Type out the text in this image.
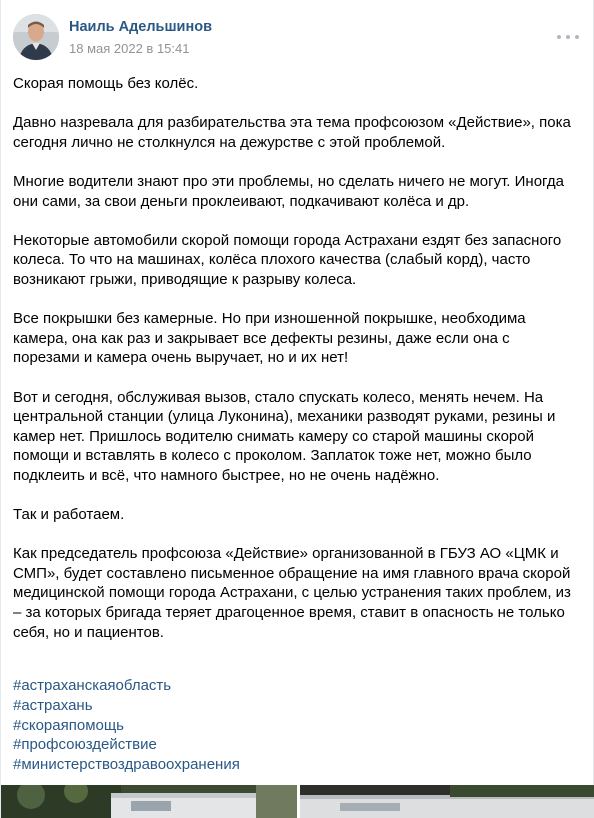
Наиль Адельшинов
18 мая 2022 в 15:41

Скорая помощь без колёс.

Давно назревала для разбирательства эта тема профсоюзом «Действие», пока сегодня лично не столкнулся на дежурстве с этой проблемой.

Многие водители знают про эти проблемы, но сделать ничего не могут. Иногда они сами, за свои деньги проклеивают, подкачивают колёса и др.

Некоторые автомобили скорой помощи города Астрахани ездят без запасного колеса. То что на машинах, колёса плохого качества (слабый корд), часто возникают грыжи, приводящие к разрыву колеса.

Все покрышки без камерные. Но при изношенной покрышке, необходима камера, она как раз и закрывает все дефекты резины, даже если она с порезами и камера очень выручает, но и их нет!

Вот и сегодня, обслуживая вызов, стало спускать колесо, менять нечем. На центральной станции (улица Луконина), механики разводят руками, резины и камер нет. Пришлось водителю снимать камеру со старой машины скорой помощи и вставлять в колесо с проколом. Заплаток тоже нет, можно было подклеить и всё, что намного быстрее, но не очень надёжно.

Так и работаем.

Как председатель профсоюза «Действие» организованной в ГБУЗ АО «ЦМК и СМП», будет составлено письменное обращение на имя главного врача скорой медицинской помощи города Астрахани, с целью устранения таких проблем, из – за которых бригада теряет драгоценное время, ставит в опасность не только себя, но и пациентов.

#астраханскаяобласть
#астрахань
#скораяпомощь
#профсоюздействие
#министерствоздравоохранения
